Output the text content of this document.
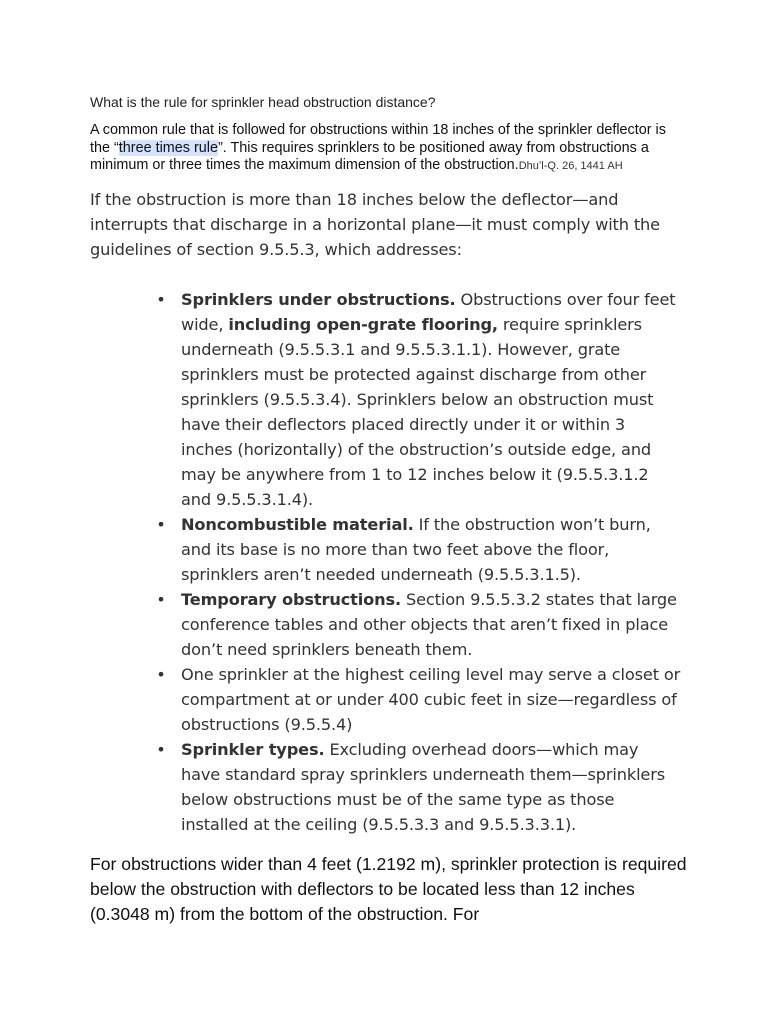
What is the rule for sprinkler head obstruction distance?

A common rule that is followed for obstructions within 18 inches of the sprinkler deflector is the “three times rule”. This requires sprinklers to be positioned away from obstructions a minimum or three times the maximum dimension of the obstruction.Dhuʻl-Q. 26, 1441 AH

If the obstruction is more than 18 inches below the deflector—and interrupts that discharge in a horizontal plane—it must comply with the guidelines of section 9.5.5.3, which addresses:

• Sprinklers under obstructions. Obstructions over four feet wide, including open-grate flooring, require sprinklers underneath (9.5.5.3.1 and 9.5.5.3.1.1). However, grate sprinklers must be protected against discharge from other sprinklers (9.5.5.3.4). Sprinklers below an obstruction must have their deflectors placed directly under it or within 3 inches (horizontally) of the obstruction’s outside edge, and may be anywhere from 1 to 12 inches below it (9.5.5.3.1.2 and 9.5.5.3.1.4).
• Noncombustible material. If the obstruction won’t burn, and its base is no more than two feet above the floor, sprinklers aren’t needed underneath (9.5.5.3.1.5).
• Temporary obstructions. Section 9.5.5.3.2 states that large conference tables and other objects that aren’t fixed in place don’t need sprinklers beneath them.
• One sprinkler at the highest ceiling level may serve a closet or compartment at or under 400 cubic feet in size—regardless of obstructions (9.5.5.4)
• Sprinkler types. Excluding overhead doors—which may have standard spray sprinklers underneath them—sprinklers below obstructions must be of the same type as those installed at the ceiling (9.5.5.3.3 and 9.5.5.3.3.1).

For obstructions wider than 4 feet (1.2192 m), sprinkler protection is required below the obstruction with deflectors to be located less than 12 inches (0.3048 m) from the bottom of the obstruction. For
